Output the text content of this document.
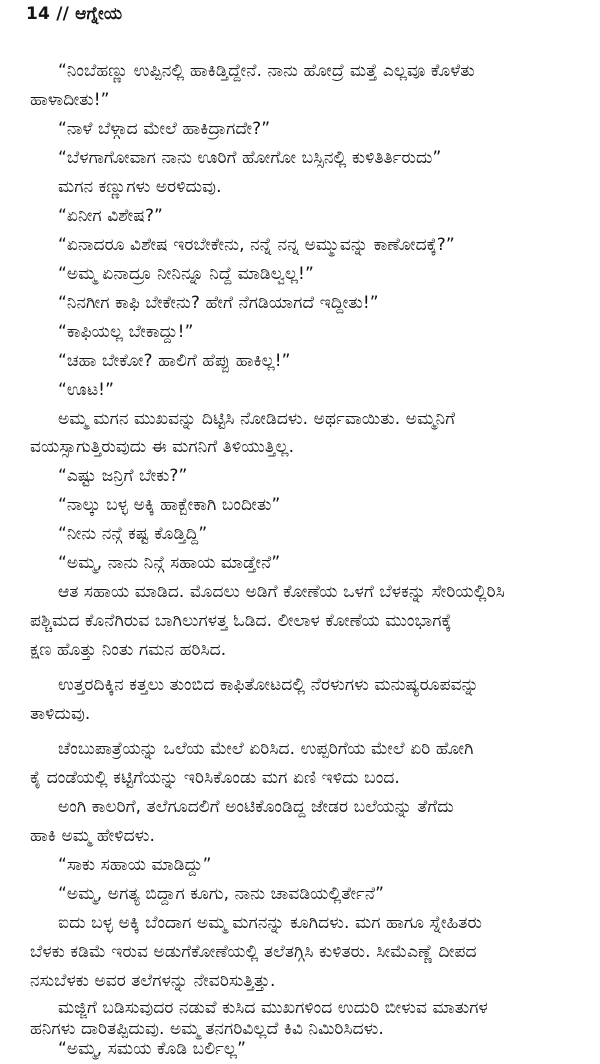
14 // ಆಗ್ನೇಯ
“ನಿಂಬೆಹಣ್ಣು ಉಪ್ಪಿನಲ್ಲಿ ಹಾಕಿಡ್ತಿದ್ದೇನೆ. ನಾನು ಹೋದ್ರೆ ಮತ್ತೆ ಎಲ್ಲವೂ ಕೊಳೆತು
ಹಾಳಾದೀತು!”
“ನಾಳೆ ಬೆಳ್ಗಾದ ಮೇಲೆ ಹಾಕಿದ್ರಾಗದೇ?”
“ಬೆಳಗಾಗೋವಾಗ ನಾನು ಊರಿಗೆ ಹೋಗೋ ಬಸ್ಸಿನಲ್ಲಿ ಕುಳಿತಿರ್ತಿರುದು”
ಮಗನ ಕಣ್ಣುಗಳು ಅರಳಿದುವು.
“ಏನೀಗ ವಿಶೇಷ?”
“ಏನಾದರೂ ವಿಶೇಷ ಇರಬೇಕೇನು, ನನ್ನೆ ನನ್ನ ಅಮ್ಮುವನ್ನು ಕಾಣೋದಕ್ಕೆ?”
“ಅಮ್ಮ ಏನಾದ್ರೂ ನೀನಿನ್ನೂ ನಿದ್ದೆ ಮಾಡಿಲ್ವಲ್ಲ!”
“ನಿನಗೀಗ ಕಾಫಿ ಬೇಕೇನು? ಹೇಗೆ ನೆಗಡಿಯಾಗದೆ ಇದ್ದೀತು!”
“ಕಾಫಿಯಲ್ಲ ಬೇಕಾದ್ದು!”
“ಚಹಾ ಬೇಕೋ? ಹಾಲಿಗೆ ಹೆಪ್ಪು ಹಾಕಿಲ್ಲ!”
“ಊಟ!”
ಅಮ್ಮ ಮಗನ ಮುಖವನ್ನು ದಿಟ್ಟಿಸಿ ನೋಡಿದಳು. ಅರ್ಥವಾಯಿತು. ಅಮ್ಮನಿಗೆ
ವಯಸ್ಸಾಗುತ್ತಿರುವುದು ಈ ಮಗನಿಗೆ ತಿಳಿಯುತ್ತಿಲ್ಲ.
“ಎಷ್ಟು ಜನ್ರಿಗೆ ಬೇಕು?”
“ನಾಲ್ಕು ಬಳ್ಳ ಅಕ್ಕಿ ಹಾಕ್ಬೇಕಾಗಿ ಬಂದೀತು”
“ನೀನು ನನ್ಗೆ ಕಷ್ಟ ಕೊಡ್ತಿದ್ದಿ”
“ಅಮ್ಮ, ನಾನು ನಿನ್ಗೆ ಸಹಾಯ ಮಾಡ್ತೇನೆ”
ಆತ ಸಹಾಯ ಮಾಡಿದ. ಮೊದಲು ಅಡಿಗೆ ಕೋಣೆಯ ಒಳಗೆ ಬೆಳಕನ್ನು ಸೇರಿಯಲ್ಲಿರಿಸಿ
ಪಶ್ಚಿಮದ ಕೊನೆಗಿರುವ ಬಾಗಿಲುಗಳತ್ತ ಓಡಿದ. ಲೀಲಾಳ ಕೋಣೆಯ ಮುಂಭಾಗಕ್ಕೆ
ಕ್ಷಣ ಹೊತ್ತು ನಿಂತು ಗಮನ ಹರಿಸಿದ.
ಉತ್ತರದಿಕ್ಕಿನ ಕತ್ತಲು ತುಂಬಿದ ಕಾಫಿತೋಟದಲ್ಲಿ ನೆರಳುಗಳು ಮನುಷ್ಯರೂಪವನ್ನು
ತಾಳಿದುವು.
ಚೆಂಬುಪಾತ್ರೆಯನ್ನು ಒಲೆಯ ಮೇಲೆ ಏರಿಸಿದ. ಉಪ್ಪರಿಗೆಯ ಮೇಲೆ ಏರಿ ಹೋಗಿ
ಕೈ ದಂಡೆಯಲ್ಲಿ ಕಟ್ಟಿಗೆಯನ್ನು ಇರಿಸಿಕೊಂಡು ಮಗ ಏಣಿ ಇಳಿದು ಬಂದ.
ಅಂಗಿ ಕಾಲರಿಗೆ, ತಲೆಗೂದಲಿಗೆ ಅಂಟಿಕೊಂಡಿದ್ದ ಜೇಡರ ಬಲೆಯನ್ನು ತೆಗೆದು
ಹಾಕಿ ಅಮ್ಮ ಹೇಳಿದಳು.
“ಸಾಕು ಸಹಾಯ ಮಾಡಿದ್ದು”
“ಅಮ್ಮ, ಅಗತ್ಯ ಬಿದ್ದಾಗ ಕೂಗು, ನಾನು ಚಾವಡಿಯಲ್ಲಿರ್ತೇನೆ”
ಐದು ಬಳ್ಳ ಅಕ್ಕಿ ಬೆಂದಾಗ ಅಮ್ಮ ಮಗನನ್ನು ಕೂಗಿದಳು. ಮಗ ಹಾಗೂ ಸ್ನೇಹಿತರು
ಬೆಳಕು ಕಡಿಮೆ ಇರುವ ಅಡುಗೆಕೋಣೆಯಲ್ಲಿ ತಲೆತಗ್ಗಿಸಿ ಕುಳಿತರು. ಸೀಮೆಎಣ್ಣೆ ದೀಪದ
ನಸುಬೆಳಕು ಅವರ ತಲೆಗಳನ್ನು ನೇವರಿಸುತ್ತಿತ್ತು.
ಮಜ್ಜಿಗೆ ಬಡಿಸುವುದರ ನಡುವೆ ಕುಸಿದ ಮುಖಗಳಿಂದ ಉದುರಿ ಬೀಳುವ ಮಾತುಗಳ
ಹನಿಗಳು ದಾರಿತಪ್ಪಿದುವು. ಅಮ್ಮ ತನಗರಿವಿಲ್ಲದೆ ಕಿವಿ ನಿಮಿರಿಸಿದಳು.
“ಅಮ್ಮ, ಸಮಯ ಕೊಡಿ ಬರ್ಲಿಲ್ಲ”
